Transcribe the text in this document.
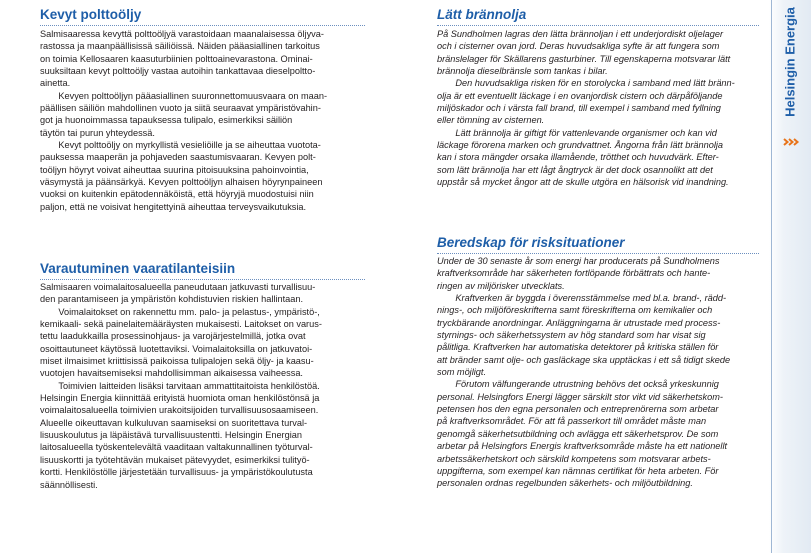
Kevyt polttoöljy
Salmisaaressa kevyttä polttoöljyä varastoidaan maanalaisessa öljyva-
rastossa ja maanpäällisissä säiliöissä. Näiden pääasiallinen tarkoitus
on toimia Kellosaaren kaasuturbiinien polttoainevarastona. Ominai-
suuksiltaan kevyt polttoöljy vastaa autoihin tankattavaa dieselpoltto-
ainetta.
  Kevyen polttoöljyn pääasiallinen suuronnettomuusvaara on maan-
päällisen säiliön mahdollinen vuoto ja siitä seuraavat ympäristövahin-
got ja huonoimmassa tapauksessa tulipalo, esimerkiksi säiliön
täytön tai purun yhteydessä.
  Kevyt polttoöljy on myrkyllistä vesieliöille ja se aiheuttaa vuotota-
pauksessa maaperän ja pohjaveden saastumisvaaran. Kevyen polt-
toöljyn höyryt voivat aiheuttaa suurina pitoisuuksina pahoinvointia,
väsymystä ja päänsärkyä. Kevyen polttoöljyn alhaisen höyrynpaineen
vuoksi on kuitenkin epätodennäköistä, että höyryjä muodostuisi niin
paljon, että ne voisivat hengitettyinä aiheuttaa terveysvaikutuksia.
Varautuminen vaaratilanteisiin
Salmisaaren voimalaitosalueella paneudutaan jatkuvasti turvallisuu-
den parantamiseen ja ympäristön kohdistuvien riskien hallintaan.
  Voimalaitokset on rakennettu mm. palo- ja pelastus-, ympäristö-,
kemikaali- sekä painelaitemääräysten mukaisesti. Laitokset on varus-
tettu laadukkailla prosessinohjaus- ja varojärjestelmillä, jotka ovat
osoittautuneet käytössä luotettaviksi. Voimalaitoksilla on jatkuvatoi-
miset ilmaisimet kriittisissä paikoissa tulipalojen sekä öljy- ja kaasu-
vuotojen havaitsemiseksi mahdollisimman aikaisessa vaiheessa.
  Toimivien laitteiden lisäksi tarvitaan ammattitaitoista henkilöstöä.
Helsingin Energia kiinnittää erityistä huomiota oman henkilöstönsä ja
voimalaitosalueella toimivien urakoitsijoiden turvallisuusosaamiseen.
Alueelle oikeuttavan kulkuluvan saamiseksi on suoritettava turval-
lisuuskoulutus ja läpäistävä turvallisuustentti. Helsingin Energian
laitosalueella työskentelevältä vaaditaan valtakunnallinen työturval-
lisuuskortti ja työtehtävän mukaiset pätevyydet, esimerkiksi tulityö-
kortti. Henkilöstölle järjestetään turvallisuus- ja ympäristökoulutusta
säännöllisesti.
Lätt brännolja
På Sundholmen lagras den lätta brännoljan i ett underjordiskt oljelager
och i cisterner ovan jord. Deras huvudsakliga syfte är att fungera som
bränslelager för Skällarens gasturbiner. Till egenskaperna motsvarar lätt
brännolja dieselbränsle som tankas i bilar.
  Den huvudsakliga risken för en storolycka i samband med lätt bränn-
olja är ett eventuellt läckage i en ovanjordisk cistern och därpåföljande
miljöskador och i värsta fall brand, till exempel i samband med fyllning
eller tömning av cisternen.
  Lätt brännolja är giftigt för vattenlevande organismer och kan vid
läckage förorena marken och grundvattnet. Ångorna från lätt brännolja
kan i stora mängder orsaka illamående, trötthet och huvudvärk. Efter-
som lätt brännolja har ett lågt ångtryck är det dock osannolikt att det
uppstår så mycket ångor att de skulle utgöra en hälsorisk vid inandning.
Beredskap för risksituationer
Under de 30 senaste år som energi har producerats på Sundholmens
kraftverksområde har säkerheten fortlöpande förbättrats och hante-
ringen av miljörisker utvecklats.
  Kraftverken är byggda i överensstämmelse med bl.a. brand-, rädd-
nings-, och miljöföreskrifterna samt föreskrifterna om kemikalier och
tryckbärande anordningar. Anläggningarna är utrustade med process-
styrnings- och säkerhetssystem av hög standard som har visat sig
pålitliga. Kraftverken har automatiska detektorer på kritiska ställen för
att bränder samt olje- och gasläckage ska upptäckas i ett så tidigt skede
som möjligt.
  Förutom välfungerande utrustning behövs det också yrkeskunnig
personal. Helsingfors Energi lägger särskilt stor vikt vid säkerhetskom-
petensen hos den egna personalen och entreprenörerna som arbetar
på kraftverksområdet. För att få passerkort till området måste man
genomgå säkerhetsutbildning och avlägga ett säkerhetsprov. De som
arbetar på Helsingfors Energis kraftverksområde måste ha ett nationellt
arbetssäkerhetskort och särskild kompetens som motsvarar arbets-
uppgifterna, som exempel kan nämnas certifikat för heta arbeten. För
personalen ordnas regelbunden säkerhets- och miljöutbildning.
Helsingin Energia
